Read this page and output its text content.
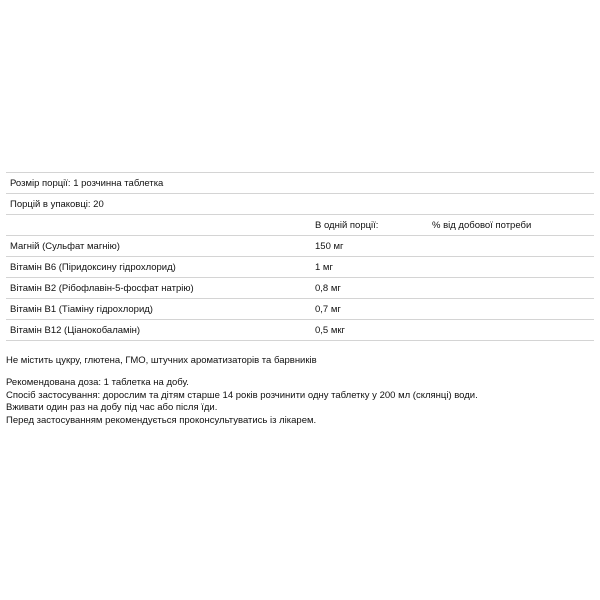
Розмір порції: 1 розчинна таблетка		
Порцій в упаковці: 20		
	В одній порції:	% від добової потреби
Магній (Сульфат магнію)	150 мг	
Вітамін B6 (Піридоксину гідрохлорид)	1 мг	
Вітамін B2 (Рібофлавін-5-фосфат натрію)	0,8 мг	
Вітамін B1 (Тіаміну гідрохлорид)	0,7 мг	
Вітамін B12 (Ціанокобаламін)	0,5 мкг	
Не містить цукру, глютена, ГМО, штучних ароматизаторів та барвників
Рекомендована доза: 1 таблетка на добу.
Спосіб застосування: дорослим та дітям старше 14 років розчинити одну таблетку у 200 мл (склянці) води.
Вживати один раз на добу під час або після їди.
Перед застосуванням рекомендується проконсультуватись із лікарем.
